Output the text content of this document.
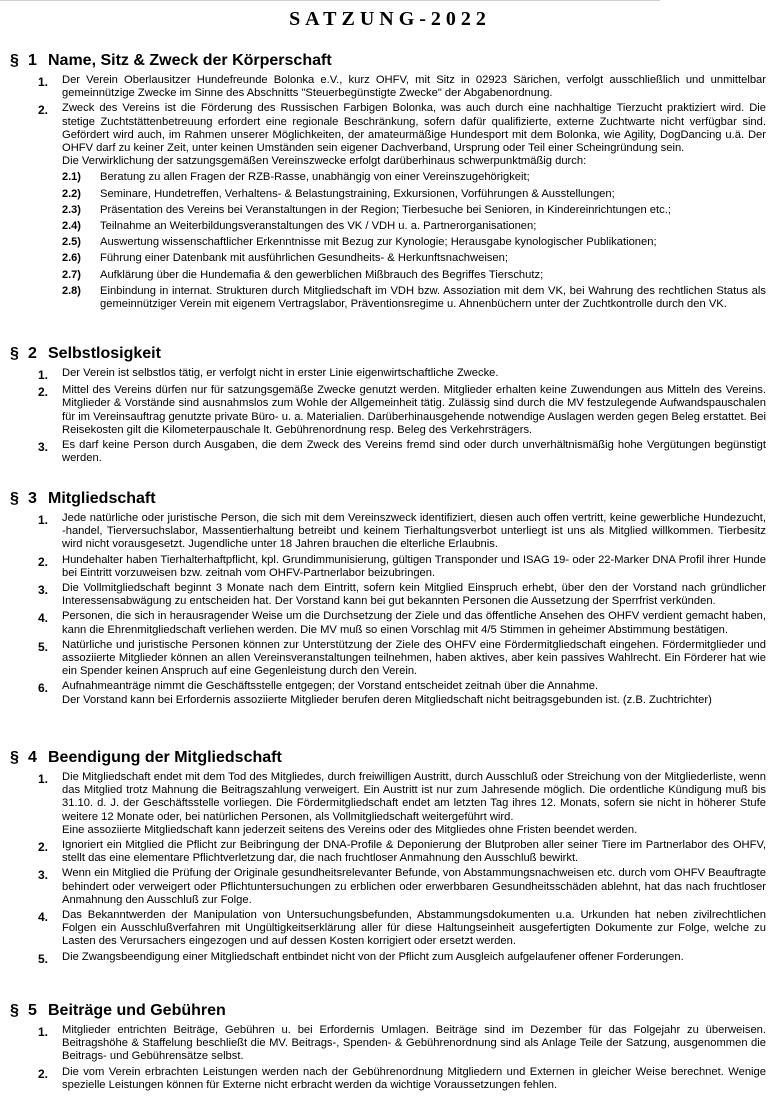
SATZUNG-2022
§ 1 Name, Sitz & Zweck der Körperschaft
1.	Der Verein Oberlausitzer Hundefreunde Bolonka e.V., kurz OHFV, mit Sitz in 02923 Särichen, verfolgt ausschließlich und unmittelbar gemeinnützige Zwecke im Sinne des Abschnitts "Steuerbegünstigte Zwecke" der Abgabenordnung.

2.	Zweck des Vereins ist die Förderung des Russischen Farbigen Bolonka, was auch durch eine nachhaltige Tierzucht praktiziert wird. Die stetige Zuchtstättenbetreuung erfordert eine regionale Beschränkung, sofern dafür qualifizierte, externe Zuchtwarte nicht verfügbar sind. Gefördert wird auch, im Rahmen unserer Möglichkeiten, der amateurmäßige Hundesport mit dem Bolonka, wie Agility, DogDancing u.ä. Der OHFV darf zu keiner Zeit, unter keinen Umständen sein eigener Dachverband, Ursprung oder Teil einer Scheingründung sein.

Die Verwirklichung der satzungsgemäßen Vereinszwecke erfolgt darüberhinaus schwerpunktmäßig durch:

2.1)	Beratung zu allen Fragen der RZB-Rasse, unabhängig von einer Vereinszugehörigkeit;
2.2)	Seminare, Hundetreffen, Verhaltens- & Belastungstraining, Exkursionen, Vorführungen & Ausstellungen;
2.3)	Präsentation des Vereins bei Veranstaltungen in der Region; Tierbesuche bei Senioren, in Kindereinrichtungen etc.;
2.4)	Teilnahme an Weiterbildungsveranstaltungen des VK / VDH u. a. Partnerorganisationen;
2.5)	Auswertung wissenschaftlicher Erkenntnisse mit Bezug zur Kynologie; Herausgabe kynologischer Publikationen;
2.6)	Führung einer Datenbank mit ausführlichen Gesundheits- & Herkunftsnachweisen;
2.7)	Aufklärung über die Hundemafia & den gewerblichen Mißbrauch des Begriffes Tierschutz;
2.8)	Einbindung in internat. Strukturen durch Mitgliedschaft im VDH bzw. Assoziation mit dem VK, bei Wahrung des rechtlichen Status als gemeinnütziger Verein mit eigenem Vertragslabor, Präventionsregime u. Ahnenbüchern unter der Zuchtkontrolle durch den VK.
§ 2 Selbstlosigkeit
1.	Der Verein ist selbstlos tätig, er verfolgt nicht in erster Linie eigenwirtschaftliche Zwecke.

2.	Mittel des Vereins dürfen nur für satzungsgemäße Zwecke genutzt werden. Mitglieder erhalten keine Zuwendungen aus Mitteln des Vereins. Mitglieder & Vorstände sind ausnahmslos zum Wohle der Allgemeinheit tätig. Zulässig sind durch die MV festzulegende Aufwandspauschalen für im Vereinsauftrag genutzte private Büro- u. a. Materialien. Darüberhinausgehende notwendige Auslagen werden gegen Beleg erstattet. Bei Reisekosten gilt die Kilometerpauschale lt. Gebührenordnung resp. Beleg des Verkehrsträgers.

3.	Es darf keine Person durch Ausgaben, die dem Zweck des Vereins fremd sind oder durch unverhältnismäßig hohe Vergütungen begünstigt werden.

§ 3 Mitgliedschaft
1.	Jede natürliche oder juristische Person, die sich mit dem Vereinszweck identifiziert, diesen auch offen vertritt, keine gewerbliche Hundezucht, -handel, Tierversuchslabor, Massentierhaltung betreibt und keinem Tierhaltungsverbot unterliegt ist uns als Mitglied willkommen. Tierbesitz wird nicht vorausgesetzt. Jugendliche unter 18 Jahren brauchen die elterliche Erlaubnis.

2.	Hundehalter haben Tierhalterhaftpflicht, kpl. Grundimmunisierung, gültigen Transponder und ISAG 19- oder 22-Marker DNA Profil ihrer Hunde bei Eintritt vorzuweisen bzw. zeitnah vom OHFV-Partnerlabor beizubringen.

3.	Die Vollmitgliedschaft beginnt 3 Monate nach dem Eintritt, sofern kein Mitglied Einspruch erhebt, über den der Vorstand nach gründlicher Interessensabwägung zu entscheiden hat. Der Vorstand kann bei gut bekannten Personen die Aussetzung der Sperrfrist verkünden.

4.	Personen, die sich in herausragender Weise um die Durchsetzung der Ziele und das öffentliche Ansehen des OHFV verdient gemacht haben, kann die Ehrenmitgliedschaft verliehen werden. Die MV muß so einen Vorschlag mit 4/5 Stimmen in geheimer Abstimmung bestätigen.

5.	Natürliche und juristische Personen können zur Unterstützung der Ziele des OHFV eine Fördermitgliedschaft eingehen. Fördermitglieder und assoziierte Mitglieder können an allen Vereinsveranstaltungen teilnehmen, haben aktives, aber kein passives Wahlrecht. Ein Förderer hat wie ein Spender keinen Anspruch auf eine Gegenleistung durch den Verein.

6.	Aufnahmeanträge nimmt die Geschäftsstelle entgegen; der Vorstand entscheidet zeitnah über die Annahme.

Der Vorstand kann bei Erfordernis assoziierte Mitglieder berufen deren Mitgliedschaft nicht beitragsgebunden ist. (z.B. Zuchtrichter)

§ 4 Beendigung der Mitgliedschaft
1.	Die Mitgliedschaft endet mit dem Tod des Mitgliedes, durch freiwilligen Austritt, durch Ausschluß oder Streichung von der Mitgliederliste, wenn das Mitglied trotz Mahnung die Beitragszahlung verweigert. Ein Austritt ist nur zum Jahresende möglich. Die ordentliche Kündigung muß bis 31.10. d. J. der Geschäftsstelle vorliegen. Die Fördermitgliedschaft endet am letzten Tag ihres 12. Monats, sofern sie nicht in höherer Stufe weitere 12 Monate oder, bei natürlichen Personen, als Vollmitgliedschaft weitergeführt wird.

Eine assoziierte Mitgliedschaft kann jederzeit seitens des Vereins oder des Mitgliedes ohne Fristen beendet werden.

2.	Ignoriert ein Mitglied die Pflicht zur Beibringung der DNA-Profile & Deponierung der Blutproben aller seiner Tiere im Partnerlabor des OHFV, stellt das eine elementare Pflichtverletzung dar, die nach fruchtloser Anmahnung den Ausschluß bewirkt.

3.	Wenn ein Mitglied die Prüfung der Originale gesundheitsrelevanter Befunde, von Abstammungsnachweisen etc. durch vom OHFV Beauftragte behindert oder verweigert oder Pflichtuntersuchungen zu erblichen oder erwerbbaren Gesundheitsschäden ablehnt, hat das nach fruchtloser Anmahnung den Ausschluß zur Folge.

4.	Das Bekanntwerden der Manipulation von Untersuchungsbefunden, Abstammungsdokumenten u.a. Urkunden hat neben zivilrechtlichen Folgen ein Ausschlußverfahren mit Ungültigkeitserklärung aller für diese Haltungseinheit ausgefertigten Dokumente zur Folge, welche zu Lasten des Verursachers eingezogen und auf dessen Kosten korrigiert oder ersetzt werden.

5.	Die Zwangsbeendigung einer Mitgliedschaft entbindet nicht von der Pflicht zum Ausgleich aufgelaufener offener Forderungen.

§ 5 Beiträge und Gebühren
1.	Mitglieder entrichten Beiträge, Gebühren u. bei Erfordernis Umlagen. Beiträge sind im Dezember für das Folgejahr zu überweisen. Beitragshöhe & Staffelung beschließt die MV. Beitrags-, Spenden- & Gebührenordnung sind als Anlage Teile der Satzung, ausgenommen die Beitrags- und Gebührensätze selbst.

2.	Die vom Verein erbrachten Leistungen werden nach der Gebührenordnung Mitgliedern und Externen in gleicher Weise berechnet. Wenige spezielle Leistungen können für Externe nicht erbracht werden da wichtige Voraussetzungen fehlen.
